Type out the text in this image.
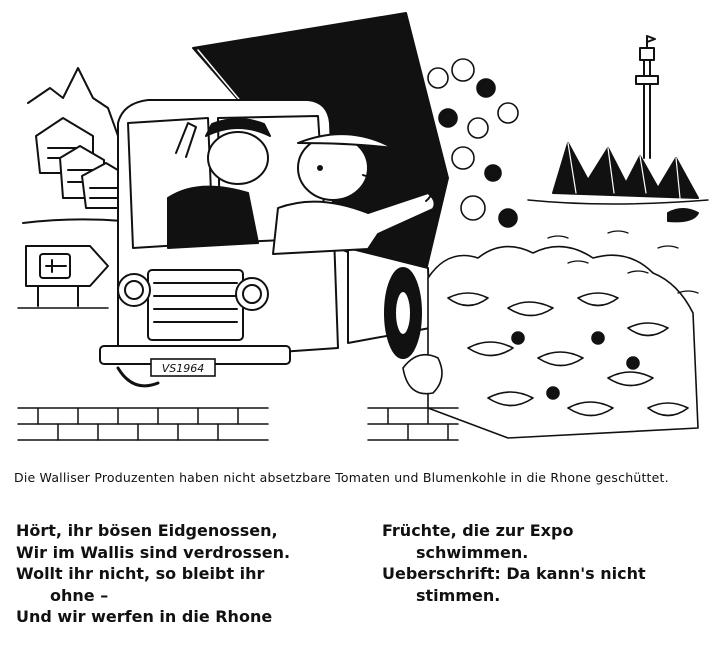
VS1964
Die Walliser Produzenten haben nicht absetzbare Tomaten und Blumenkohle in die Rhone geschüttet.
Hört, ihr bösen Eidgenossen,
Wir im Wallis sind verdrossen.
Wollt ihr nicht, so bleibt ihr
ohne –
Und wir werfen in die Rhone
Früchte, die zur Expo
schwimmen.
Ueberschrift: Da kann's nicht
stimmen.
